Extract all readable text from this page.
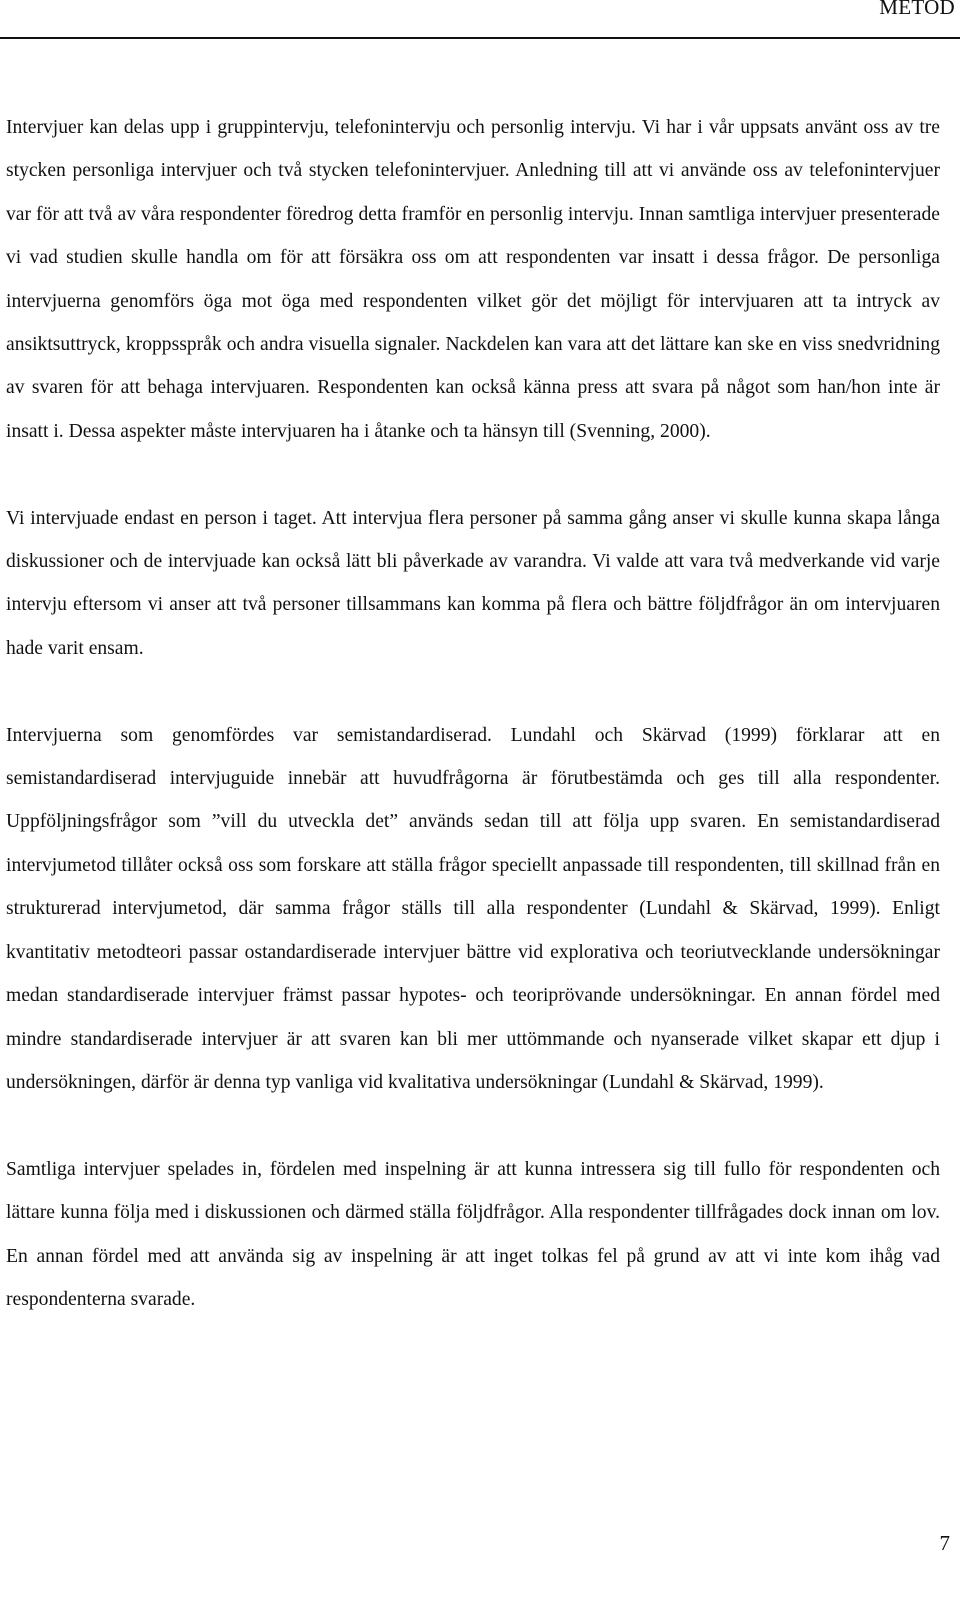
METOD

Intervjuer kan delas upp i gruppintervju, telefonintervju och personlig intervju. Vi har i vår uppsats använt oss av tre stycken personliga intervjuer och två stycken telefonintervjuer. Anledning till att vi använde oss av telefonintervjuer var för att två av våra respondenter föredrog detta framför en personlig intervju. Innan samtliga intervjuer presenterade vi vad studien skulle handla om för att försäkra oss om att respondenten var insatt i dessa frågor. De personliga intervjuerna genomförs öga mot öga med respondenten vilket gör det möjligt för intervjuaren att ta intryck av ansiktsuttryck, kroppsspråk och andra visuella signaler. Nackdelen kan vara att det lättare kan ske en viss snedvridning av svaren för att behaga intervjuaren. Respondenten kan också känna press att svara på något som han/hon inte är insatt i. Dessa aspekter måste intervjuaren ha i åtanke och ta hänsyn till (Svenning, 2000).

Vi intervjuade endast en person i taget. Att intervjua flera personer på samma gång anser vi skulle kunna skapa långa diskussioner och de intervjuade kan också lätt bli påverkade av varandra. Vi valde att vara två medverkande vid varje intervju eftersom vi anser att två personer tillsammans kan komma på flera och bättre följdfrågor än om intervjuaren hade varit ensam.

Intervjuerna som genomfördes var semistandardiserad. Lundahl och Skärvad (1999) förklarar att en semistandardiserad intervjuguide innebär att huvudfrågorna är förutbestämda och ges till alla respondenter. Uppföljningsfrågor som ”vill du utveckla det” används sedan till att följa upp svaren. En semistandardiserad intervjumetod tillåter också oss som forskare att ställa frågor speciellt anpassade till respondenten, till skillnad från en strukturerad intervjumetod, där samma frågor ställs till alla respondenter (Lundahl & Skärvad, 1999). Enligt kvantitativ metodteori passar ostandardiserade intervjuer bättre vid explorativa och teoriutvecklande undersökningar medan standardiserade intervjuer främst passar hypotes- och teoriprövande undersökningar. En annan fördel med mindre standardiserade intervjuer är att svaren kan bli mer uttömmande och nyanserade vilket skapar ett djup i undersökningen, därför är denna typ vanliga vid kvalitativa undersökningar (Lundahl & Skärvad, 1999).

Samtliga intervjuer spelades in, fördelen med inspelning är att kunna intressera sig till fullo för respondenten och lättare kunna följa med i diskussionen och därmed ställa följdfrågor. Alla respondenter tillfrågades dock innan om lov. En annan fördel med att använda sig av inspelning är att inget tolkas fel på grund av att vi inte kom ihåg vad respondenterna svarade.

7
